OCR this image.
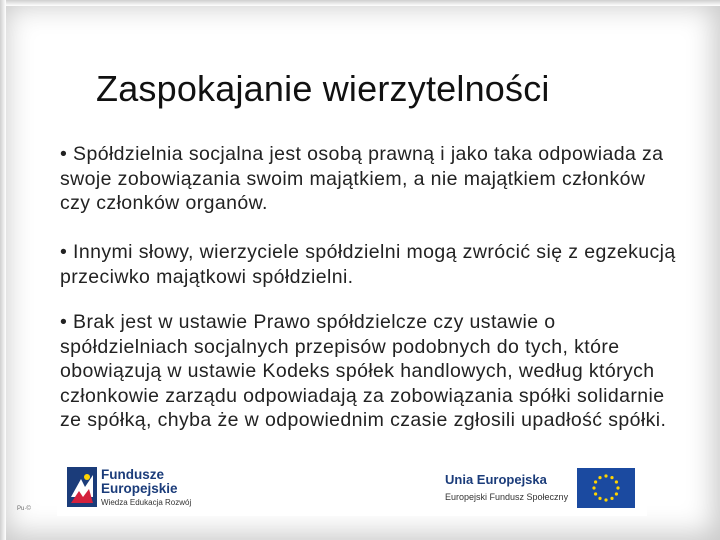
Zaspokajanie wierzytelności

• Spółdzielnia socjalna jest osobą prawną i jako taka odpowiada za swoje zobowiązania swoim majątkiem, a nie majątkiem członków czy członków organów.

• Innymi słowy, wierzyciele spółdzielni mogą zwrócić się z egzekucją przeciwko majątkowi spółdzielni.

• Brak jest w ustawie Prawo spółdzielcze czy ustawie o spółdzielniach socjalnych przepisów podobnych do tych, które obowiązują w ustawie Kodeks spółek handlowych, według których członkowie zarządu odpowiadają za zobowiązania spółki solidarnie ze spółką, chyba że w odpowiednim czasie zgłosili upadłość spółki.

Fundusze
Europejskie
Wiedza Edukacja Rozwój
Unia Europejska
Europejski Fundusz Społeczny
Pu·©
